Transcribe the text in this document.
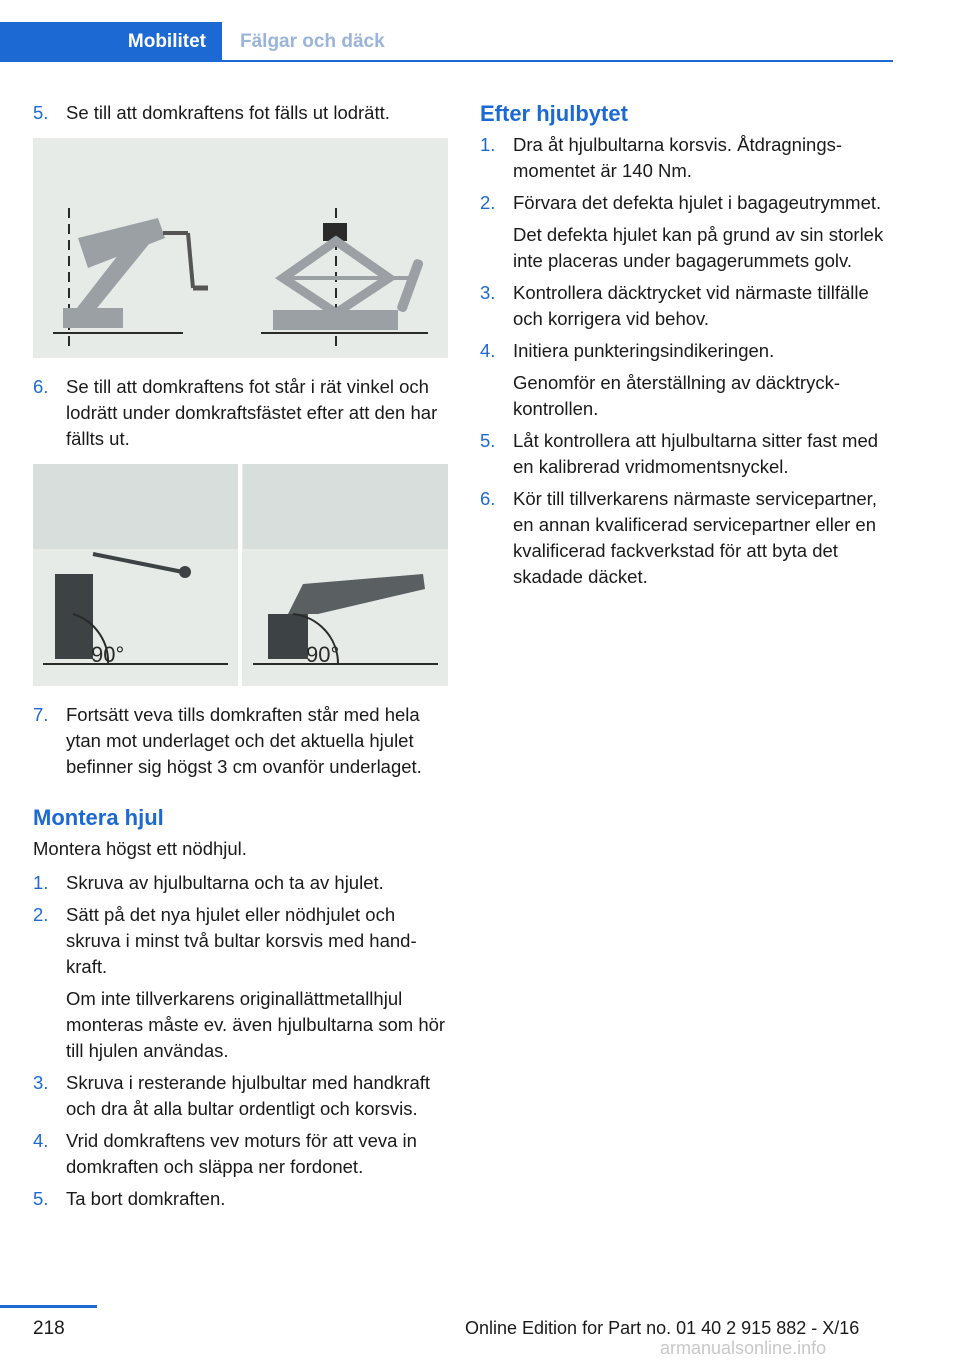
Mobilitet Fälgar och däck
5. Se till att domkraftens fot fälls ut lodrätt.

6. Se till att domkraftens fot står i rät vinkel och lodrätt under domkraftsfästet efter att den har fällts ut.

90°	90°
7. Fortsätt veva tills domkraften står med hela ytan mot underlaget och det aktuella hjulet befinner sig högst 3 cm ovanför underlaget.

Montera hjul

Montera högst ett nödhjul.

1. Skruva av hjulbultarna och ta av hjulet.

2. Sätt på det nya hjulet eller nödhjulet och skruva i minst två bultar korsvis med handkraft.

Om inte tillverkarens originallättmetallhjul monteras måste ev. även hjulbultarna som hör till hjulen användas.

3. Skruva i resterande hjulbultar med handkraft och dra åt alla bultar ordentligt och korsvis.

4. Vrid domkraftens vev moturs för att veva in domkraften och släppa ner fordonet.

5. Ta bort domkraften.

Efter hjulbytet
1. Dra åt hjulbultarna korsvis. Åtdragningsmomentet är 140 Nm.

2. Förvara det defekta hjulet i bagageutrymmet.

Det defekta hjulet kan på grund av sin storlek inte placeras under bagagerummets golv.

3. Kontrollera däcktrycket vid närmaste tillfälle och korrigera vid behov.

4. Initiera punkteringsindikeringen.

Genomför en återställning av däcktryckkontrollen.

5. Låt kontrollera att hjulbultarna sitter fast med en kalibrerad vridmomentsnyckel.

6. Kör till tillverkarens närmaste servicepartner, en annan kvalificerad servicepartner eller en kvalificerad fackverkstad för att byta det skadade däcket.

218	Online Edition for Part no. 01 40 2 915 882 - X/16
armanualsonline.info
